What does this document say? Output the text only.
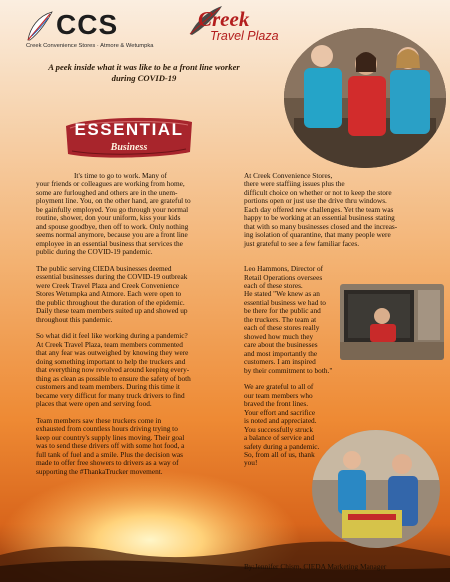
CCS
Creek Convenience Stores · Atmore & Wetumpka
Creek
Travel Plaza
A peek inside what it was like to be a front line worker
during COVID-19
ESSENTIAL
Business

It's time to go to work. Many of
your friends or colleagues are working from home,
some are furloughed and others are in the unem-
ployment line. You, on the other hand, are grateful to
be gainfully employed. You go through your normal
routine, shower, don your uniform, kiss your kids
and spouse goodbye, then off to work. Only nothing
seems normal anymore, because you are a front line
employee in an essential business that services the
public during the COVID-19 pandemic.

The public serving CIEDA businesses deemed
essential businesses during the COVID-19 outbreak
were Creek Travel Plaza and Creek Convenience
Stores Wetumpka and Atmore. Each were open to
the public throughout the duration of the epidemic.
Daily these team members suited up and showed up
throughout this pandemic.

So what did it feel like working during a pandemic?
At Creek Travel Plaza, team members commented
that any fear was outweighed by knowing they were
doing something important to help the truckers and
that everything now revolved around keeping every-
thing as clean as possible to ensure the safety of both
customers and team members. During this time it
became very difficut for many truck drivers to find
places that were open and serving food.

Team members saw these truckers come in
exhausted from countless hours driving trying to
keep our country's supply lines moving. Their goal
was to send these drivers off with some hot food, a
full tank of fuel and a smile. Plus the decision was
made to offer free showers to drivers as a way of
supporting the #ThankaTrucker movement.

At Creek Convenience Stores,
there were staffiing issues plus the
difficult choice on whether or not to keep the store
portions open or just use the drive thru windows.
Each day offered new challenges. Yet the team was
happy to be working at an essential business stating
that with so many businesses closed and the increas-
ing isolation of quarantine, that many people were
just grateful to see a few familiar faces.

Leo Hammons, Director of
Retail Operations oversees
each of these stores.
He stated "We knew as an
essential business we had to
be there for the public and
the truckers. The team at
each of these stores really
showed how much they
care about the businesses
and most importantly the
customers. I am inspired
by their commitment to both."

We are grateful to all of
our team members who
braved the front lines.
Your effort and sacrifice
is noted and appreciated.
You successfully struck
a balance of service and
safety during a pandemic.
So, from all of us, thank
you!

By:Jennifer Chism, CIEDA Marketing Manager
